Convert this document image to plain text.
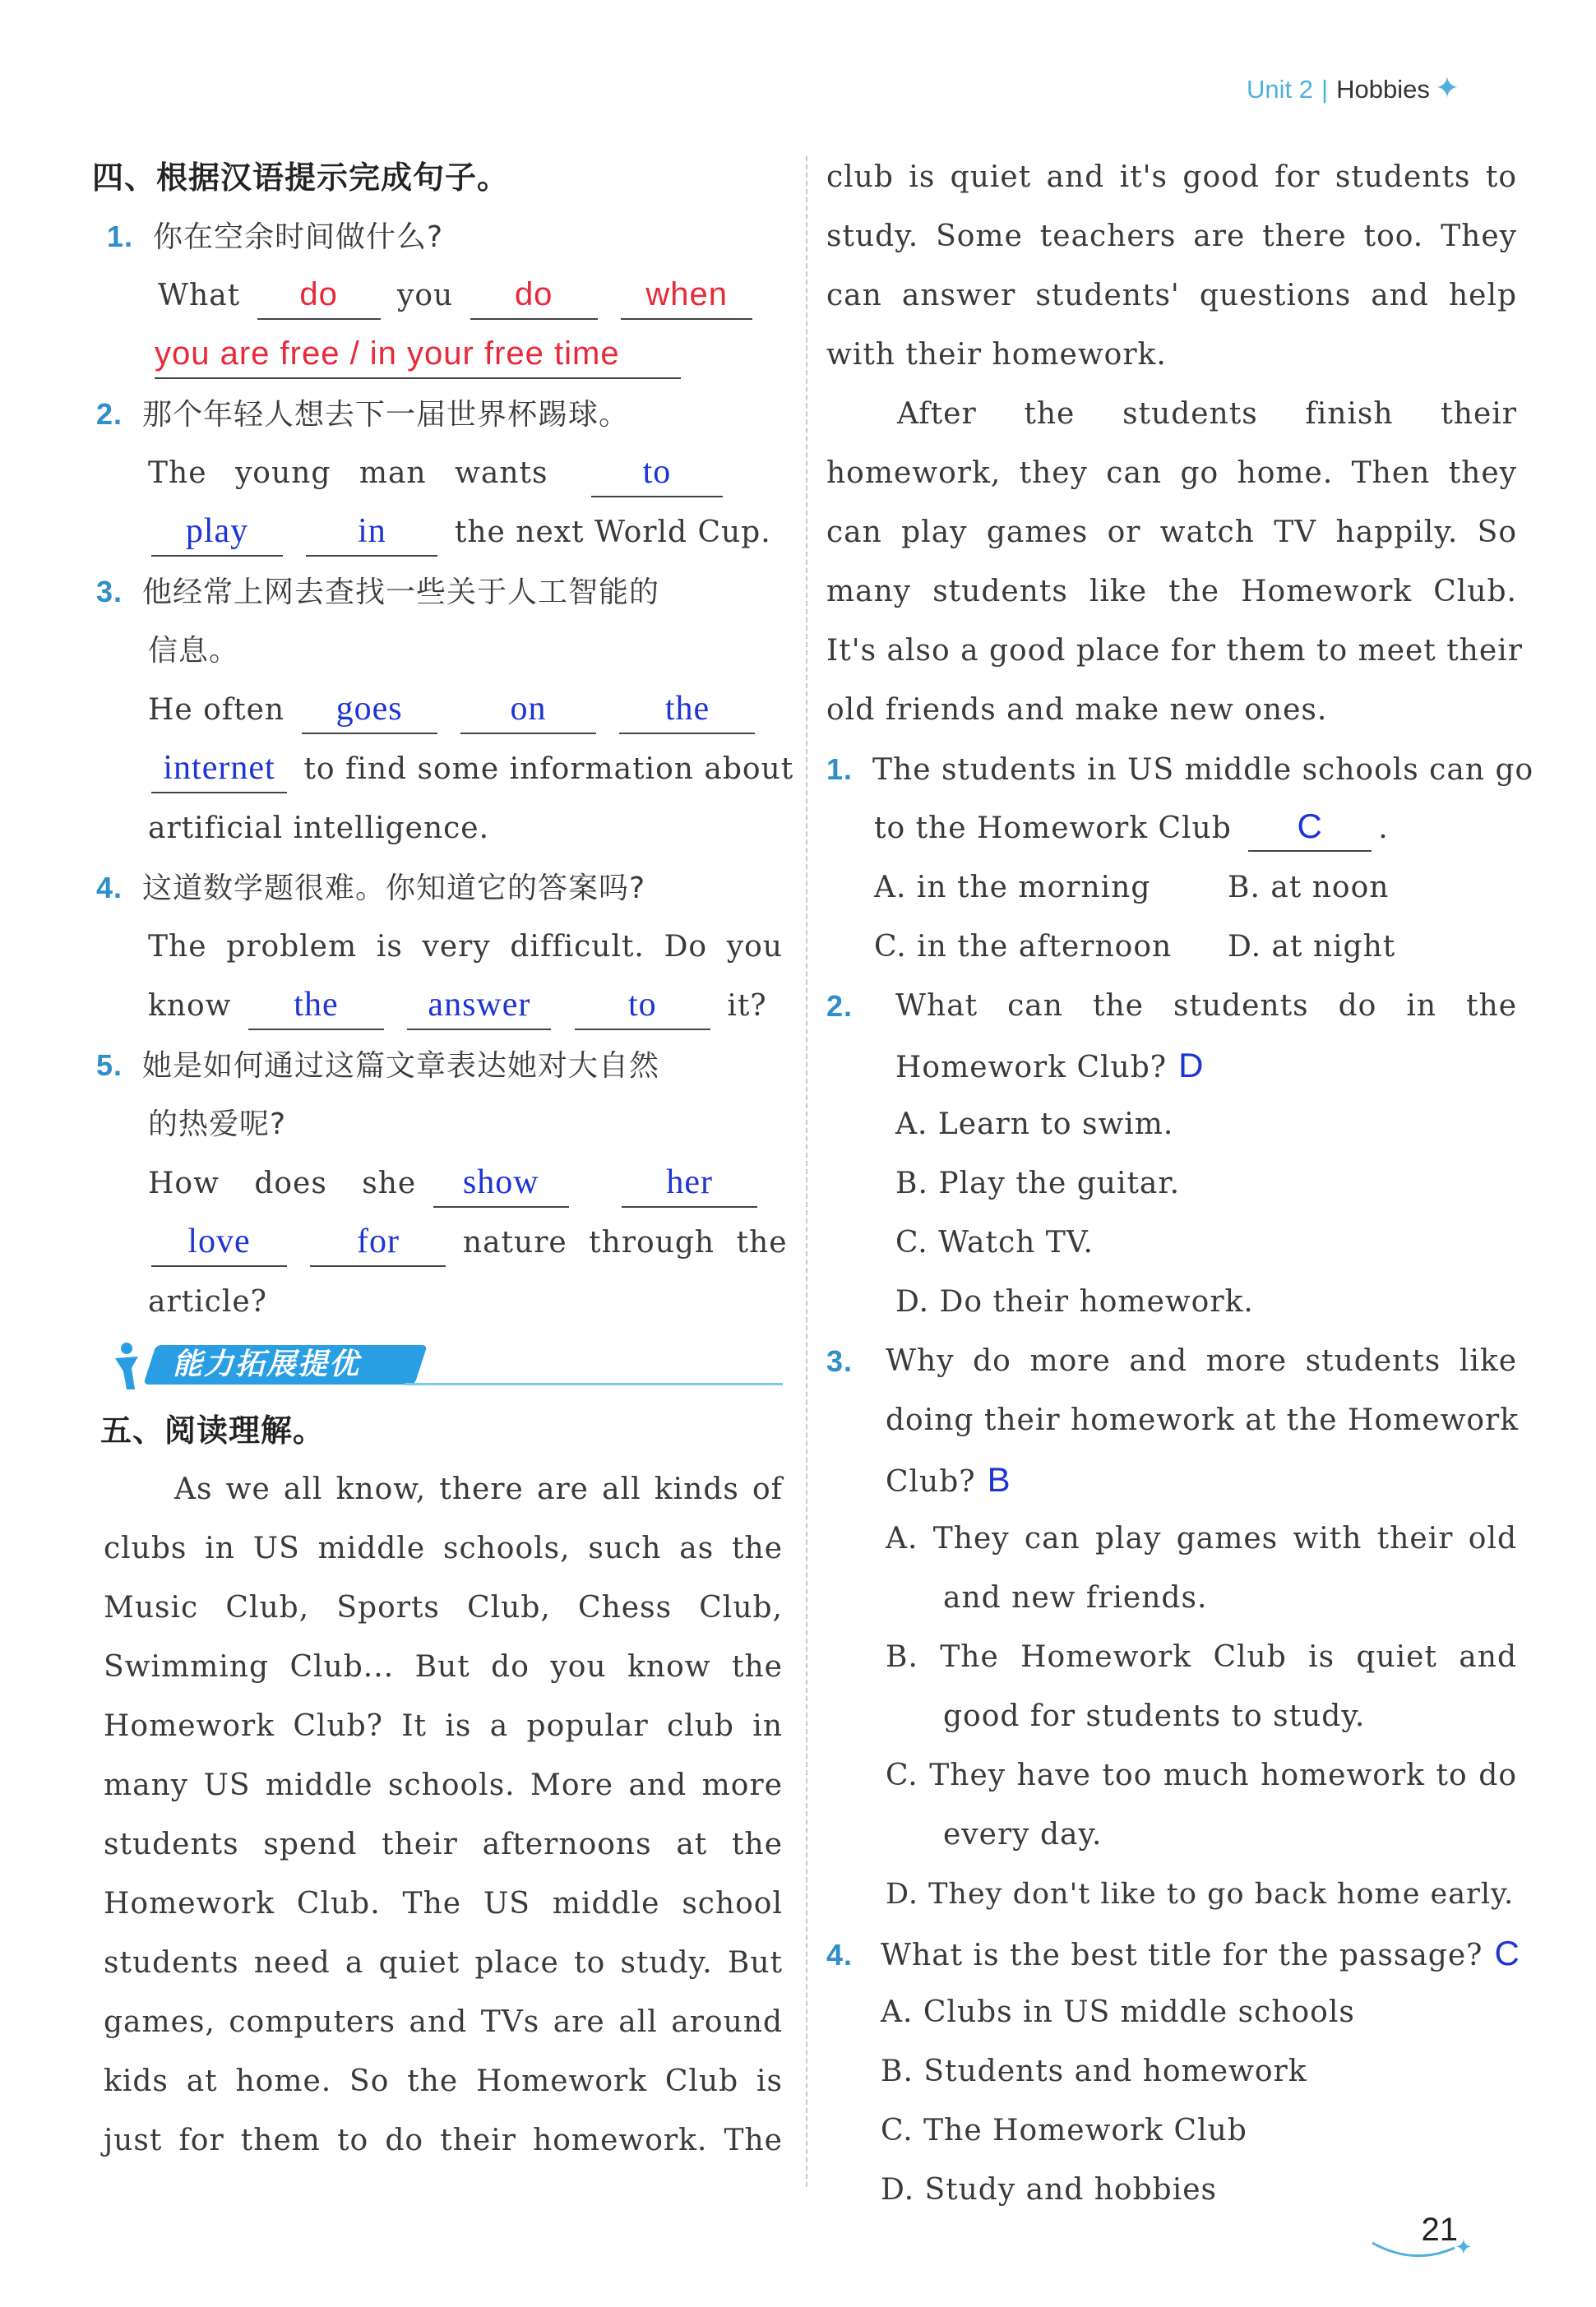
Unit 2 | Hobbies ✦
四、根据汉语提示完成句子。
1. 你在空余时间做什么?
What do you do	when
you are free / in your free time
2. 那个年轻人想去下一届世界杯踢球。
The young man wants	to
play	in the next World Cup.
3. 他经常上网去查找一些关于人工智能的
信息。
He often goes	on	the
internet to find some information about
artificial intelligence.
4. 这道数学题很难。你知道它的答案吗?
The problem is very difficult. Do you
know the	answer	to it?
5. 她是如何通过这篇文章表达她对大自然
的热爱呢?
How does she show	her
love	for nature through the
article?
能力拓展提优
五、阅读理解。
As we all know, there are all kinds of
clubs in US middle schools, such as the
Music Club, Sports Club, Chess Club,
Swimming Club... But do you know the
Homework Club? It is a popular club in
many US middle schools. More and more
students spend their afternoons at the
Homework Club. The US middle school
students need a quiet place to study. But
games, computers and TVs are all around
kids at home. So the Homework Club is
just for them to do their homework. The
club is quiet and it's good for students to
study. Some teachers are there too. They
can answer students' questions and help
with their homework.
After the students finish their
homework, they can go home. Then they
can play games or watch TV happily. So
many students like the Homework Club.
It's also a good place for them to meet their
old friends and make new ones.
1. The students in US middle schools can go
to the Homework Club C .
A. in the morning	B. at noon
C. in the afternoon D. at night
2.	What can the students do in the
Homework Club? D
A. Learn to swim.
B. Play the guitar.
C. Watch TV.
D. Do their homework.
3.	Why do more and more students like
doing their homework at the Homework
Club? B
A. They can play games with their old
and new friends.
B. The Homework Club is quiet and
good for students to study.
C. They have too much homework to do
every day.
D. They don't like to go back home early.
4. What is the best title for the passage? C
A. Clubs in US middle schools
B. Students and homework
C. The Homework Club
D. Study and hobbies
21
✦
